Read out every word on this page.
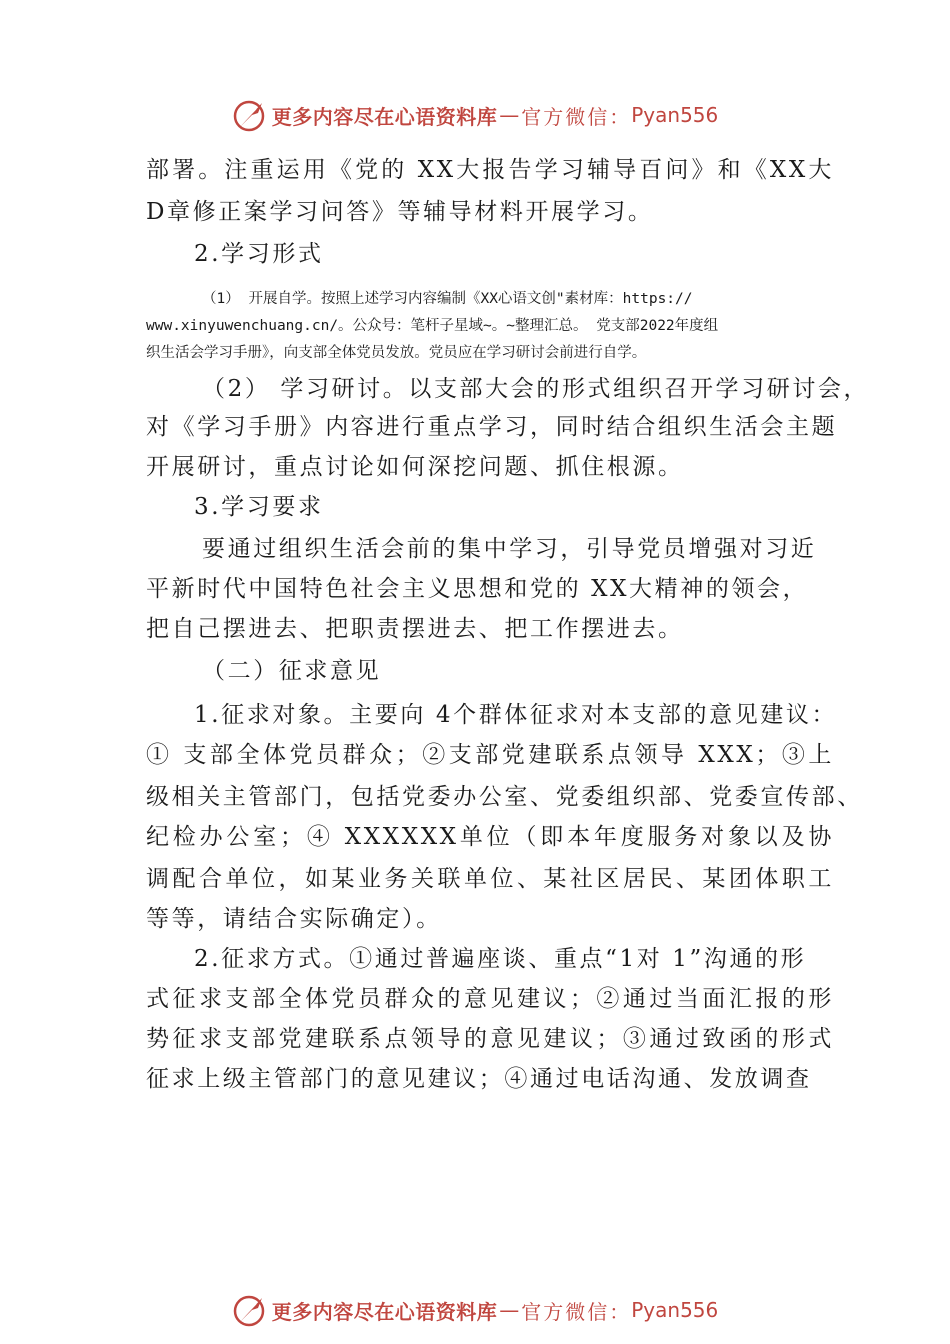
更多内容尽在心语资料库 — 官方微信： Pyan556
部署。注重运用《党的 XX大报告学习辅导百问》和《XX大
D章修正案学习问答》等辅导材料开展学习。
2.学习形式
（1） 开展自学。按照上述学习内容编制《XX心语文创"素材库：https://
www.xinyuwenchuang.cn/。公众号：笔杆子星域~。~整理汇总。 党支部2022年度组
织生活会学习手册》，向支部全体党员发放。党员应在学习研讨会前进行自学。
（2） 学习研讨。以支部大会的形式组织召开学习研讨会，
对《学习手册》内容进行重点学习，同时结合组织生活会主题
开展研讨，重点讨论如何深挖问题、抓住根源。
3.学习要求
要通过组织生活会前的集中学习，引导党员增强对习近
平新时代中国特色社会主义思想和党的 XX大精神的领会，
把自己摆进去、把职责摆进去、把工作摆进去。
（二）征求意见
1.征求对象。主要向 4个群体征求对本支部的意见建议：
① 支部全体党员群众；②支部党建联系点领导 XXX；③上
级相关主管部门，包括党委办公室、党委组织部、党委宣传部、
纪检办公室；④ XXXXXX单位（即本年度服务对象以及协
调配合单位，如某业务关联单位、某社区居民、某团体职工
等等，请结合实际确定）。
2.征求方式。①通过普遍座谈、重点“1对 1”沟通的形
式征求支部全体党员群众的意见建议；②通过当面汇报的形
势征求支部党建联系点领导的意见建议；③通过致函的形式
征求上级主管部门的意见建议；④通过电话沟通、发放调查
更多内容尽在心语资料库 — 官方微信： Pyan556
